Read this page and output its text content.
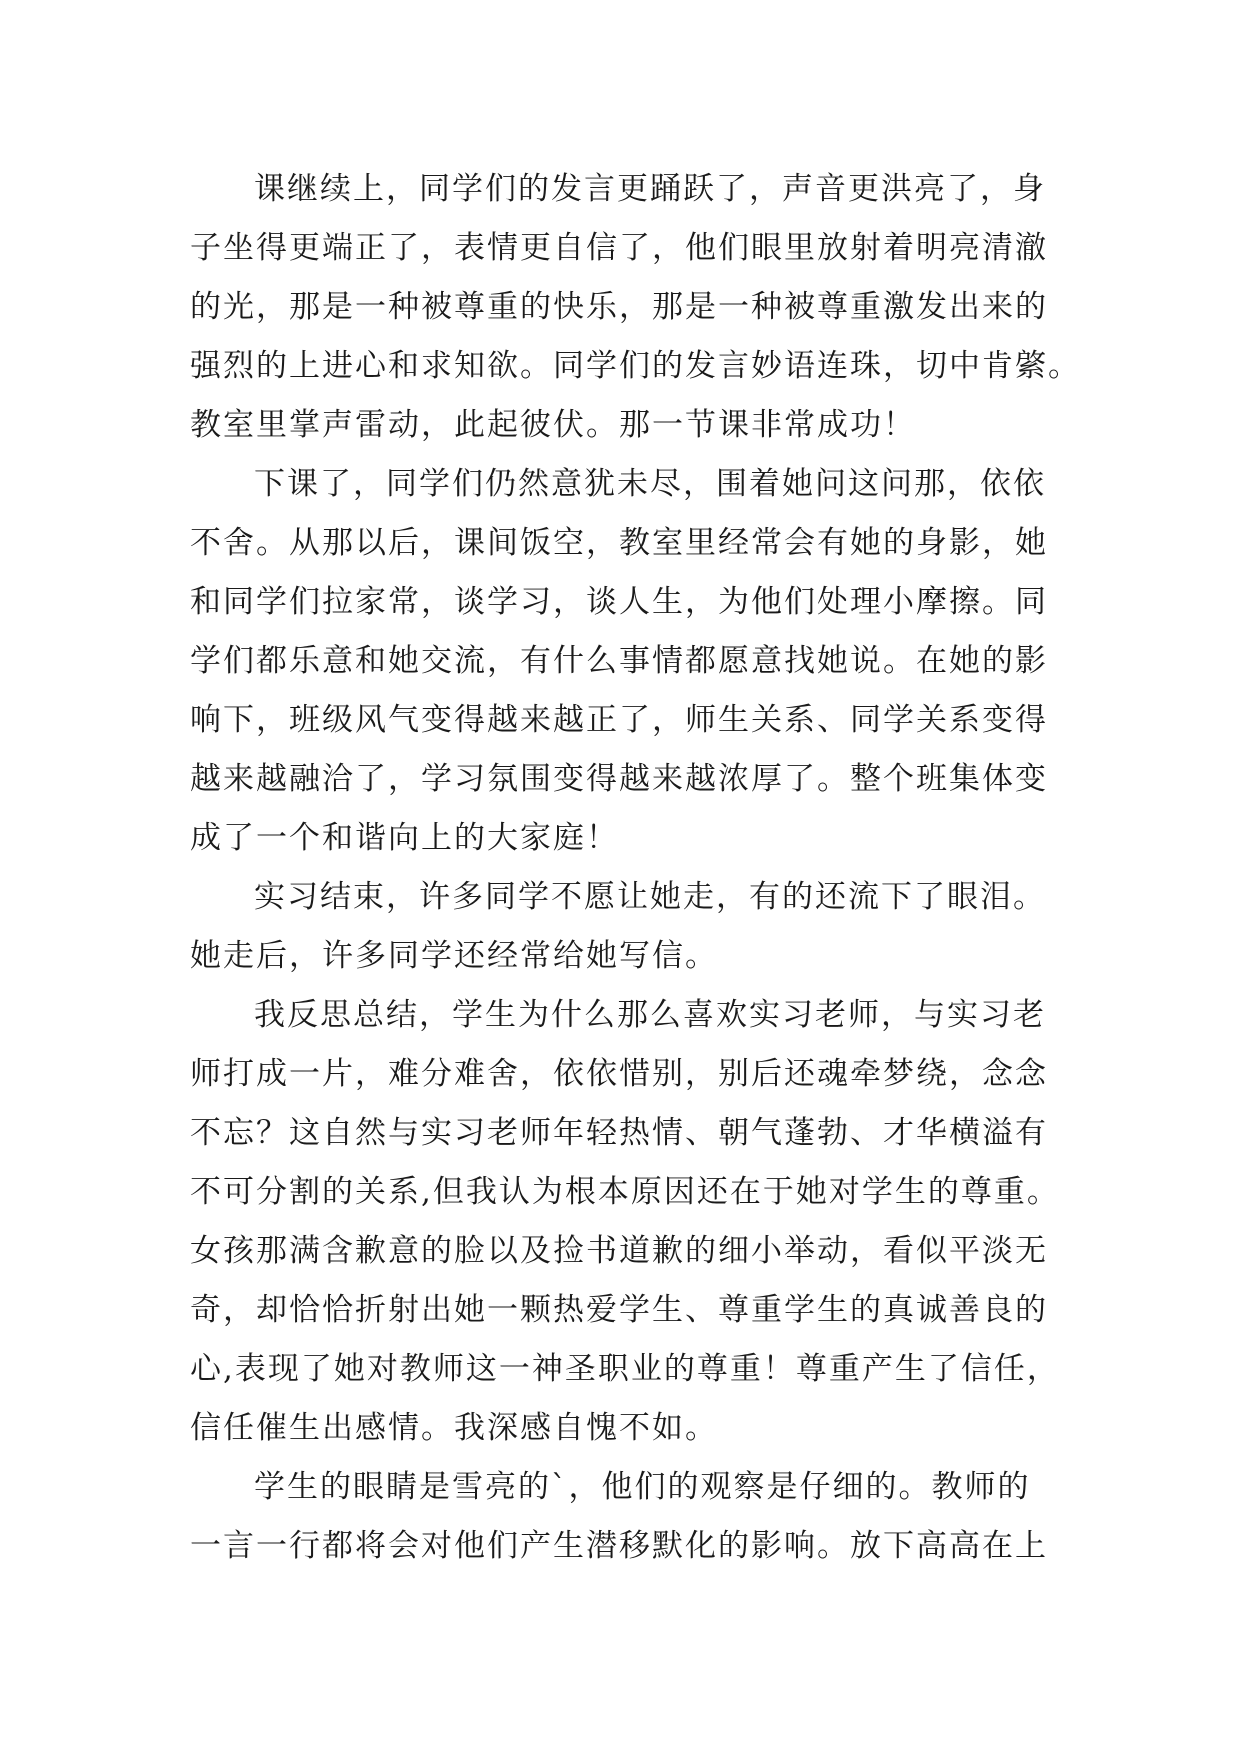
课继续上，同学们的发言更踊跃了，声音更洪亮了，身
子坐得更端正了，表情更自信了，他们眼里放射着明亮清澈
的光，那是一种被尊重的快乐，那是一种被尊重激发出来的
强烈的上进心和求知欲。同学们的发言妙语连珠，切中肯綮。
教室里掌声雷动，此起彼伏。那一节课非常成功！
下课了，同学们仍然意犹未尽，围着她问这问那，依依
不舍。从那以后，课间饭空，教室里经常会有她的身影，她
和同学们拉家常，谈学习，谈人生，为他们处理小摩擦。同
学们都乐意和她交流，有什么事情都愿意找她说。在她的影
响下，班级风气变得越来越正了，师生关系、同学关系变得
越来越融洽了，学习氛围变得越来越浓厚了。整个班集体变
成了一个和谐向上的大家庭！
实习结束，许多同学不愿让她走，有的还流下了眼泪。
她走后，许多同学还经常给她写信。
我反思总结，学生为什么那么喜欢实习老师，与实习老
师打成一片，难分难舍，依依惜别，别后还魂牵梦绕，念念
不忘？这自然与实习老师年轻热情、朝气蓬勃、才华横溢有
不可分割的关系,但我认为根本原因还在于她对学生的尊重。
女孩那满含歉意的脸以及捡书道歉的细小举动，看似平淡无
奇，却恰恰折射出她一颗热爱学生、尊重学生的真诚善良的
心,表现了她对教师这一神圣职业的尊重！尊重产生了信任，
信任催生出感情。我深感自愧不如。
学生的眼睛是雪亮的`，他们的观察是仔细的。教师的
一言一行都将会对他们产生潜移默化的影响。放下高高在上
